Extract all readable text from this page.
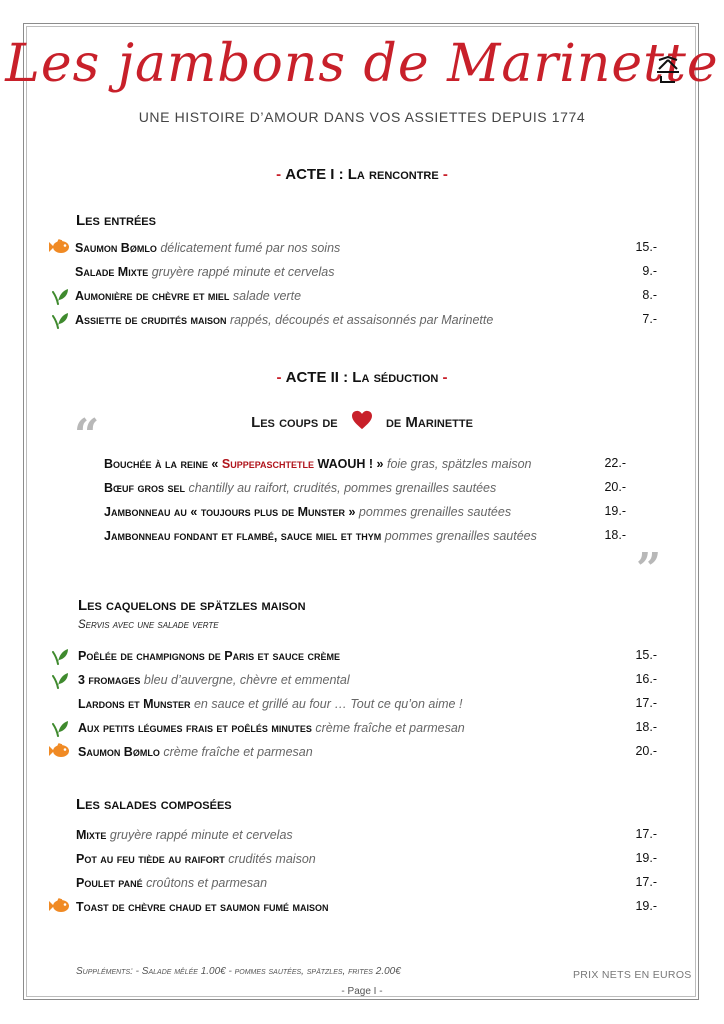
Les jambons de Marinette
UNE HISTOIRE D’AMOUR DANS VOS ASSIETTES DEPUIS 1774
- ACTE I : La rencontre -
Les entrées
Saumon Bømlo délicatement fumé par nos soins	15.-
Salade Mixte gruyère rappé minute et cervelas	9.-
Aumonière de chèvre et miel salade verte	8.-
Assiette de crudités maison rappés, découpés et assaisonnés par Marinette	7.-
- ACTE II : La séduction -
“
”
Les coups de	de Marinette
Bouchée à la reine « Suppepaschtetle WAOUH ! » foie gras, spätzles maison	22.-
Bœuf gros sel chantilly au raifort, crudités, pommes grenailles sautées	20.-
Jambonneau au « toujours plus de Munster » pommes grenailles sautées	19.-
Jambonneau fondant et flambé, sauce miel et thym pommes grenailles sautées	18.-
Les caquelons de spätzles maison
Servis avec une salade verte
Poêlée de champignons de Paris et sauce crème	15.-
3 fromages bleu d’auvergne, chèvre et emmental	16.-
Lardons et Munster en sauce et grillé au four … Tout ce qu’on aime !	17.-
Aux petits légumes frais et poêlés minutes crème fraîche et parmesan	18.-
Saumon Bømlo crème fraîche et parmesan	20.-
Les salades composées
Mixte gruyère rappé minute et cervelas	17.-
Pot au feu tiède au raifort crudités maison	19.-
Poulet pané croûtons et parmesan	17.-
Toast de chèvre chaud et saumon fumé maison	19.-
Suppléments: - Salade mêlée 1.00€ - pommes sautées, spätzles, frites 2.00€	PRIX NETS EN EUROS
- Page I -
